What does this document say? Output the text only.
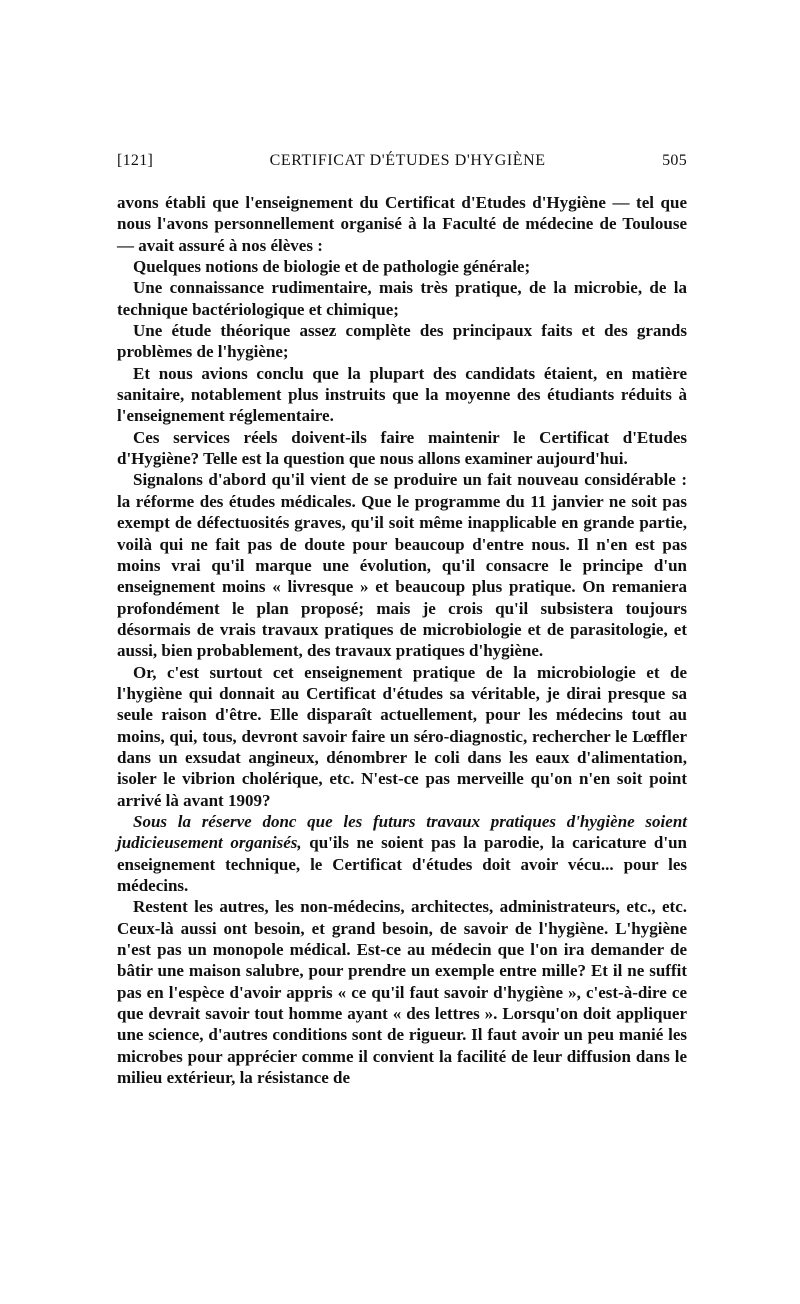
[121]	CERTIFICAT D'ÉTUDES D'HYGIÈNE	505

avons établi que l'enseignement du Certificat d'Etudes d'Hygiène — tel que nous l'avons personnellement organisé à la Faculté de médecine de Toulouse — avait assuré à nos élèves :

Quelques notions de biologie et de pathologie générale;

Une connaissance rudimentaire, mais très pratique, de la microbie, de la technique bactériologique et chimique;

Une étude théorique assez complète des principaux faits et des grands problèmes de l'hygiène;

Et nous avions conclu que la plupart des candidats étaient, en matière sanitaire, notablement plus instruits que la moyenne des étudiants réduits à l'enseignement réglementaire.

Ces services réels doivent-ils faire maintenir le Certificat d'Etudes d'Hygiène? Telle est la question que nous allons examiner aujourd'hui.

Signalons d'abord qu'il vient de se produire un fait nouveau considérable : la réforme des études médicales. Que le programme du 11 janvier ne soit pas exempt de défectuosités graves, qu'il soit même inapplicable en grande partie, voilà qui ne fait pas de doute pour beaucoup d'entre nous. Il n'en est pas moins vrai qu'il marque une évolution, qu'il consacre le principe d'un enseignement moins « livresque » et beaucoup plus pratique. On remaniera profondément le plan proposé; mais je crois qu'il subsistera toujours désormais de vrais travaux pratiques de microbiologie et de parasitologie, et aussi, bien probablement, des travaux pratiques d'hygiène.

Or, c'est surtout cet enseignement pratique de la microbiologie et de l'hygiène qui donnait au Certificat d'études sa véritable, je dirai presque sa seule raison d'être. Elle disparaît actuellement, pour les médecins tout au moins, qui, tous, devront savoir faire un séro-diagnostic, rechercher le Lœffler dans un exsudat angineux, dénombrer le coli dans les eaux d'alimentation, isoler le vibrion cholérique, etc. N'est-ce pas merveille qu'on n'en soit point arrivé là avant 1909?

Sous la réserve donc que les futurs travaux pratiques d'hygiène soient judicieusement organisés, qu'ils ne soient pas la parodie, la caricature d'un enseignement technique, le Certificat d'études doit avoir vécu... pour les médecins.

Restent les autres, les non-médecins, architectes, administrateurs, etc., etc. Ceux-là aussi ont besoin, et grand besoin, de savoir de l'hygiène. L'hygiène n'est pas un monopole médical. Est-ce au médecin que l'on ira demander de bâtir une maison salubre, pour prendre un exemple entre mille? Et il ne suffit pas en l'espèce d'avoir appris « ce qu'il faut savoir d'hygiène », c'est-à-dire ce que devrait savoir tout homme ayant « des lettres ». Lorsqu'on doit appliquer une science, d'autres conditions sont de rigueur. Il faut avoir un peu manié les microbes pour apprécier comme il convient la facilité de leur diffusion dans le milieu extérieur, la résistance de
